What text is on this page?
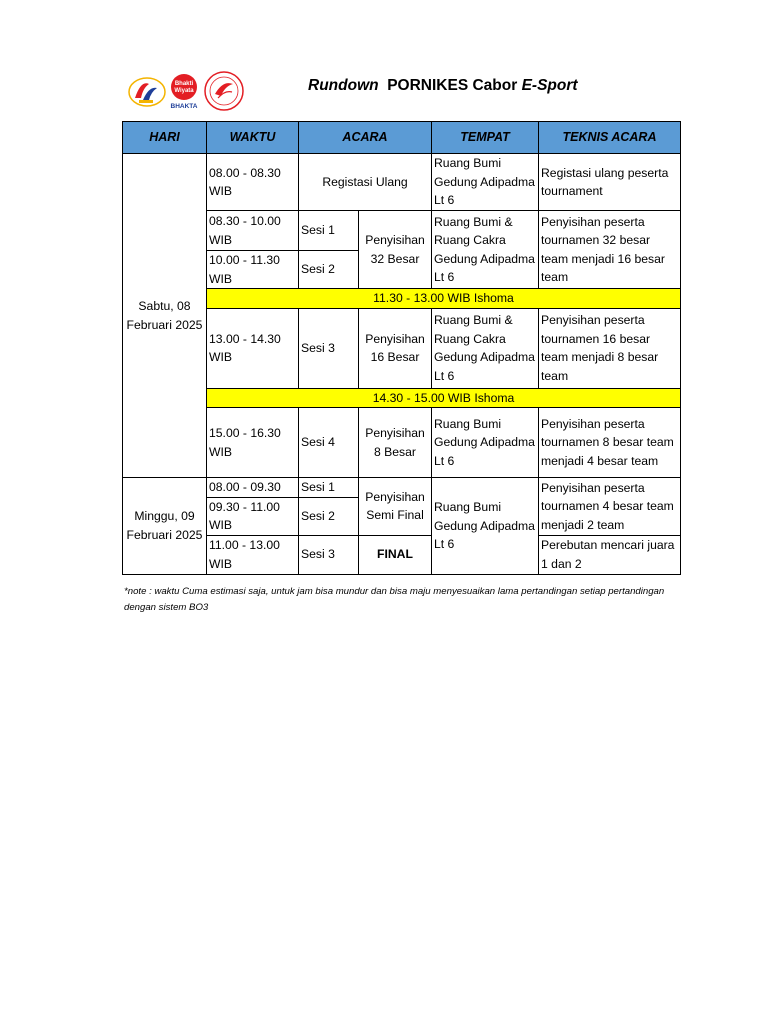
Bhakti
Wiyata
BHAKTA
Rundown PORNIKES Cabor E-Sport
HARI	WAKTU	ACARA		TEMPAT	TEKNIS ACARA
Sabtu, 08 Februari 2025	08.00 - 08.30 WIB	Registasi Ulang		Ruang Bumi Gedung Adipadma Lt 6	Registasi ulang peserta tournament
	08.30 - 10.00 WIB	Sesi 1	Penyisihan 32 Besar	Ruang Bumi & Ruang Cakra Gedung Adipadma Lt 6	Penyisihan peserta tournamen 32 besar team menjadi 16 besar team
	10.00 - 11.30 WIB	Sesi 2			
	11.30 - 13.00 WIB Ishoma				
	13.00 - 14.30 WIB	Sesi 3	Penyisihan 16 Besar	Ruang Bumi & Ruang Cakra Gedung Adipadma Lt 6	Penyisihan peserta tournamen 16 besar team menjadi 8 besar team
	14.30 - 15.00 WIB Ishoma				
	15.00 - 16.30 WIB	Sesi 4	Penyisihan 8 Besar	Ruang Bumi Gedung Adipadma Lt 6	Penyisihan peserta tournamen 8 besar team menjadi 4 besar team

Minggu, 09 Februari 2025	08.00 - 09.30	Sesi 1	Penyisihan Semi Final	Ruang Bumi Gedung Adipadma Lt 6	Penyisihan peserta tournamen 4 besar team menjadi 2 team
	09.30 - 11.00 WIB	Sesi 2			
	11.00 - 13.00 WIB	Sesi 3	FINAL		Perebutan mencari juara 1 dan 2
*note : waktu Cuma estimasi saja, untuk jam bisa mundur dan bisa maju menyesuaikan lama pertandingan setiap pertandingan dengan sistem BO3
